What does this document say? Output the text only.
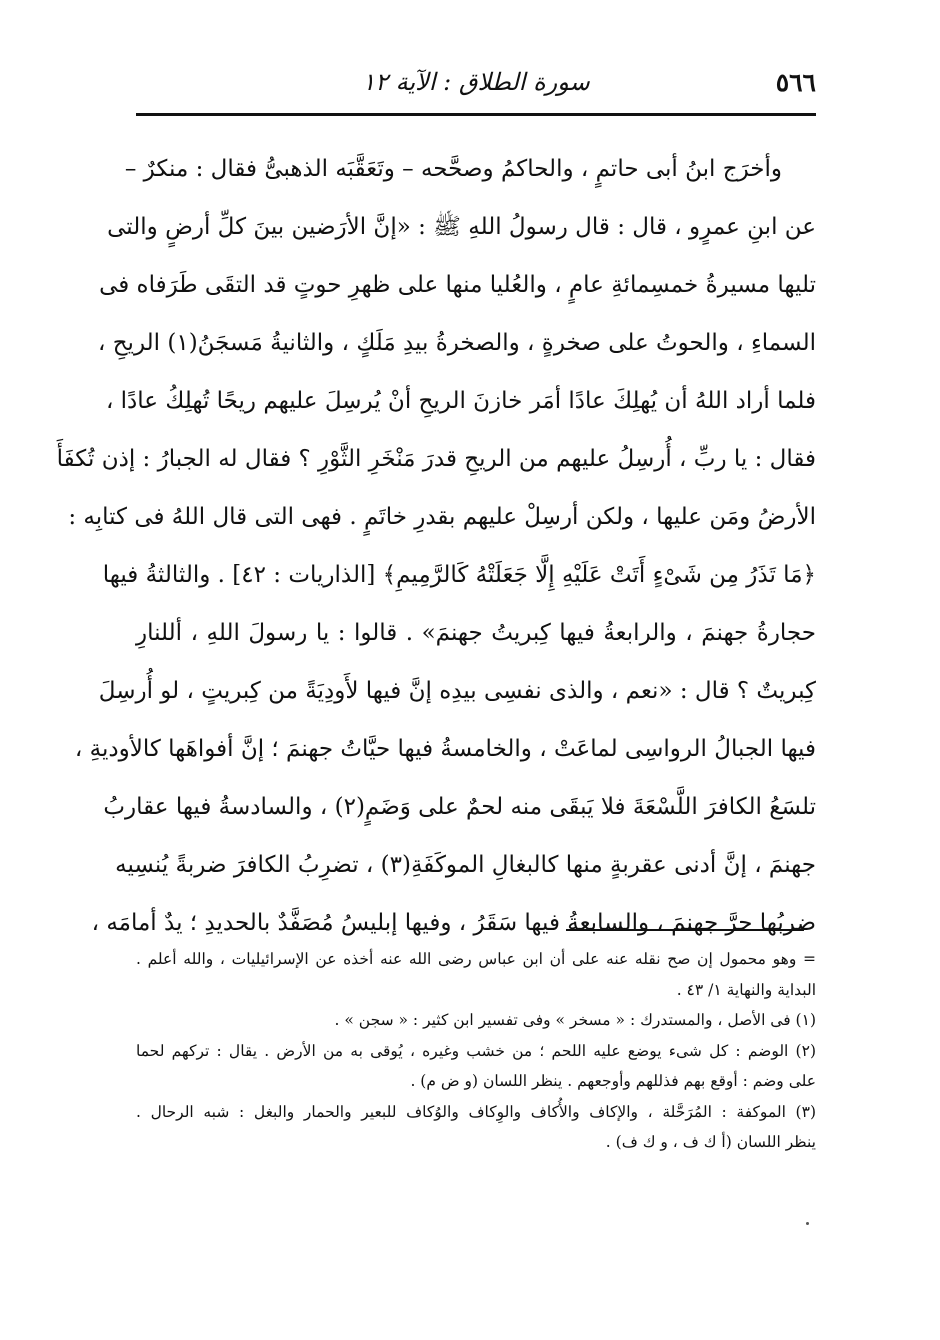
٥٦٦
سورة الطلاق : الآية ١٢
وأخرَج ابنُ أبى حاتمٍ ، والحاكمُ وصحَّحه – وتَعَقَّبَه الذهبىُّ فقال : منكرٌ –
عن ابنِ عمرٍو ، قال : قال رسولُ اللهِ ﷺ : «إنَّ الأرَضين بينَ كلِّ أرضٍ والتى
تليها مسيرةُ خمسِمائةِ عامٍ ، والعُليا منها على ظهرِ حوتٍ قد التقَى طَرَفاه فى
السماءِ ، والحوتُ على صخرةٍ ، والصخرةُ بيدِ مَلَكٍ ، والثانيةُ مَسجَنُ(١) الريحِ ،
فلما أراد اللهُ أن يُهلِكَ عادًا أمَر خازنَ الريحِ أنْ يُرسِلَ عليهم ريحًا تُهلِكُ عادًا ،
فقال : يا ربِّ ، أُرسِلُ عليهم من الريحِ قدرَ مَنْخَرِ الثَّوْرِ ؟ فقال له الجبارُ : إذن تُكفَأَ
الأرضُ ومَن عليها ، ولكن أرسِلْ عليهم بقدرِ خاتَمٍ . فهى التى قال اللهُ فى كتابِه :
﴿مَا تَذَرُ مِن شَىْءٍ أَتَتْ عَلَيْهِ إِلَّا جَعَلَتْهُ كَالرَّمِيمِ﴾ [الذاريات : ٤٢] . والثالثةُ فيها
حجارةُ جهنمَ ، والرابعةُ فيها كِبريتُ جهنمَ» . قالوا : يا رسولَ اللهِ ، أللنارِ
كِبريتٌ ؟ قال : «نعم ، والذى نفسِى بيدِه إنَّ فيها لأَودِيَةً من كِبريتٍ ، لو أُرسِلَ
فيها الجبالُ الرواسِى لماعَتْ ، والخامسةُ فيها حيَّاتُ جهنمَ ؛ إنَّ أفواهَها كالأوديةِ ،
تلسَعُ الكافرَ اللَّسْعَةَ فلا يَبقَى منه لحمٌ على وَضَمٍ(٢) ، والسادسةُ فيها عقاربُ
جهنمَ ، إنَّ أدنى عقربةٍ منها كالبغالِ الموكَفَةِ(٣) ، تضرِبُ الكافرَ ضربةً يُنسِيه
ضربُها حرَّ جهنمَ ، والسابعةُ فيها سَقَرُ ، وفيها إبليسُ مُصَفَّدٌ بالحديدِ ؛ يدٌ أمامَه ،
= وهو محمول إن صح نقله عنه على أن ابن عباس رضى الله عنه أخذه عن الإسرائيليات ، والله أعلم .
البداية والنهاية ١/ ٤٣ .
(١) فى الأصل ، والمستدرك : « مسخر » وفى تفسير ابن كثير : « سجن » .
(٢) الوضم : كل شىء يوضع عليه اللحم ؛ من خشب وغيره ، يُوقى به من الأرض . يقال : تركهم لحما
على وضم : أوقع بهم فذللهم وأوجعهم . ينظر اللسان (و ض م) .
(٣) الموكفة : المُرَحَّلة ، والإكاف والأُكاف والوِكاف والوُكاف للبعير والحمار والبغل : شبه الرحال .
ينظر اللسان (أ ك ف ، و ك ف) .
